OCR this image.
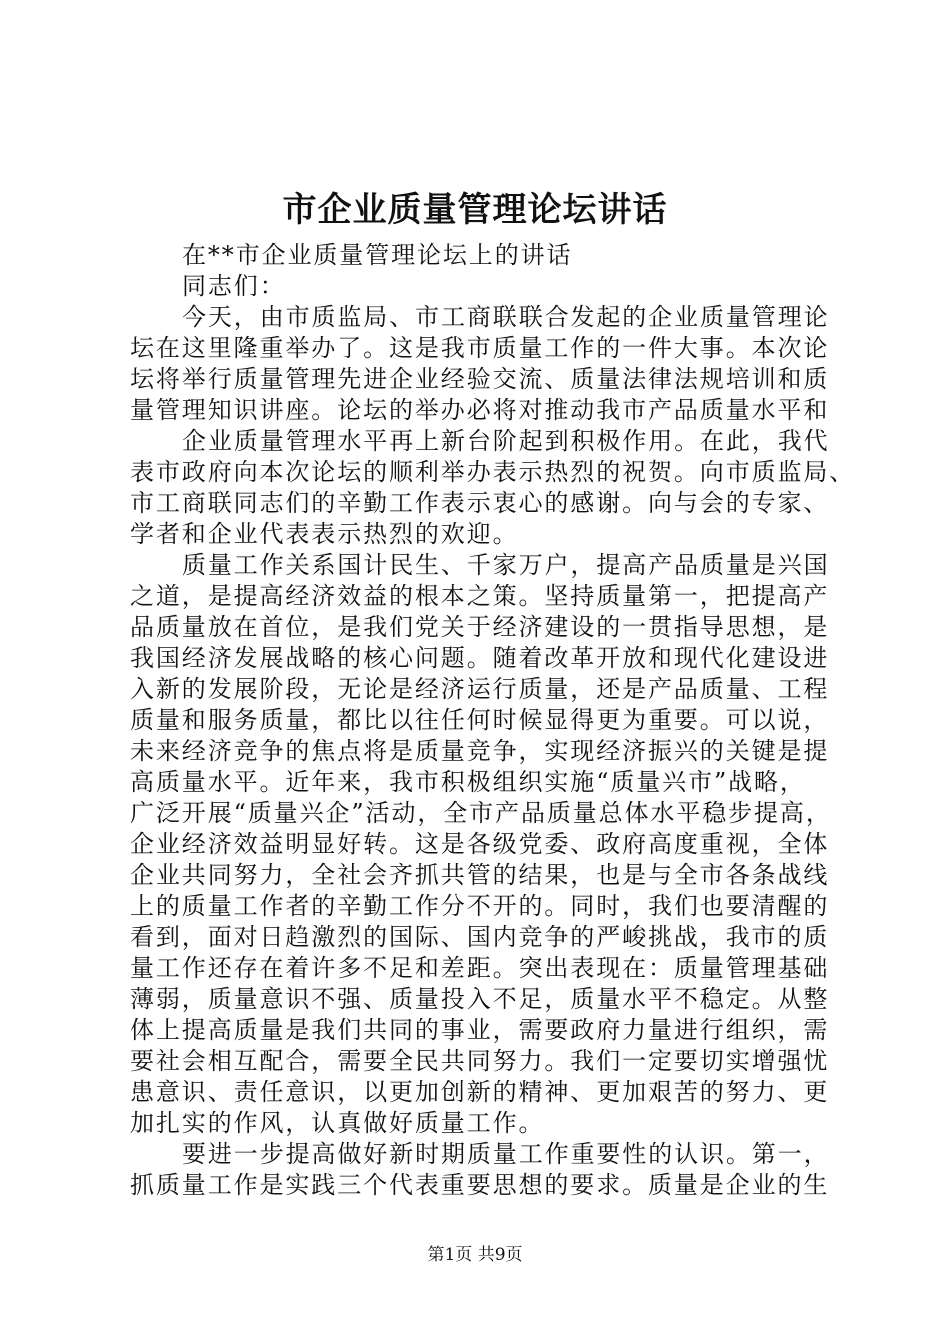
市企业质量管理论坛讲话
在**市企业质量管理论坛上的讲话
同志们：
今天，由市质监局、市工商联联合发起的企业质量管理论
坛在这里隆重举办了。这是我市质量工作的一件大事。本次论
坛将举行质量管理先进企业经验交流、质量法律法规培训和质
量管理知识讲座。论坛的举办必将对推动我市产品质量水平和
企业质量管理水平再上新台阶起到积极作用。在此，我代
表市政府向本次论坛的顺利举办表示热烈的祝贺。向市质监局、
市工商联同志们的辛勤工作表示衷心的感谢。向与会的专家、
学者和企业代表表示热烈的欢迎。
质量工作关系国计民生、千家万户，提高产品质量是兴国
之道，是提高经济效益的根本之策。坚持质量第一，把提高产
品质量放在首位，是我们党关于经济建设的一贯指导思想，是
我国经济发展战略的核心问题。随着改革开放和现代化建设进
入新的发展阶段，无论是经济运行质量，还是产品质量、工程
质量和服务质量，都比以往任何时候显得更为重要。可以说，
未来经济竞争的焦点将是质量竞争，实现经济振兴的关键是提
高质量水平。近年来，我市积极组织实施“质量兴市”战略，
广泛开展“质量兴企”活动，全市产品质量总体水平稳步提高，
企业经济效益明显好转。这是各级党委、政府高度重视，全体
企业共同努力，全社会齐抓共管的结果，也是与全市各条战线
上的质量工作者的辛勤工作分不开的。同时，我们也要清醒的
看到，面对日趋激烈的国际、国内竞争的严峻挑战，我市的质
量工作还存在着许多不足和差距。突出表现在：质量管理基础
薄弱，质量意识不强、质量投入不足，质量水平不稳定。从整
体上提高质量是我们共同的事业，需要政府力量进行组织，需
要社会相互配合，需要全民共同努力。我们一定要切实增强忧
患意识、责任意识，以更加创新的精神、更加艰苦的努力、更
加扎实的作风，认真做好质量工作。
要进一步提高做好新时期质量工作重要性的认识。第一，
抓质量工作是实践三个代表重要思想的要求。质量是企业的生
第1页 共9页
